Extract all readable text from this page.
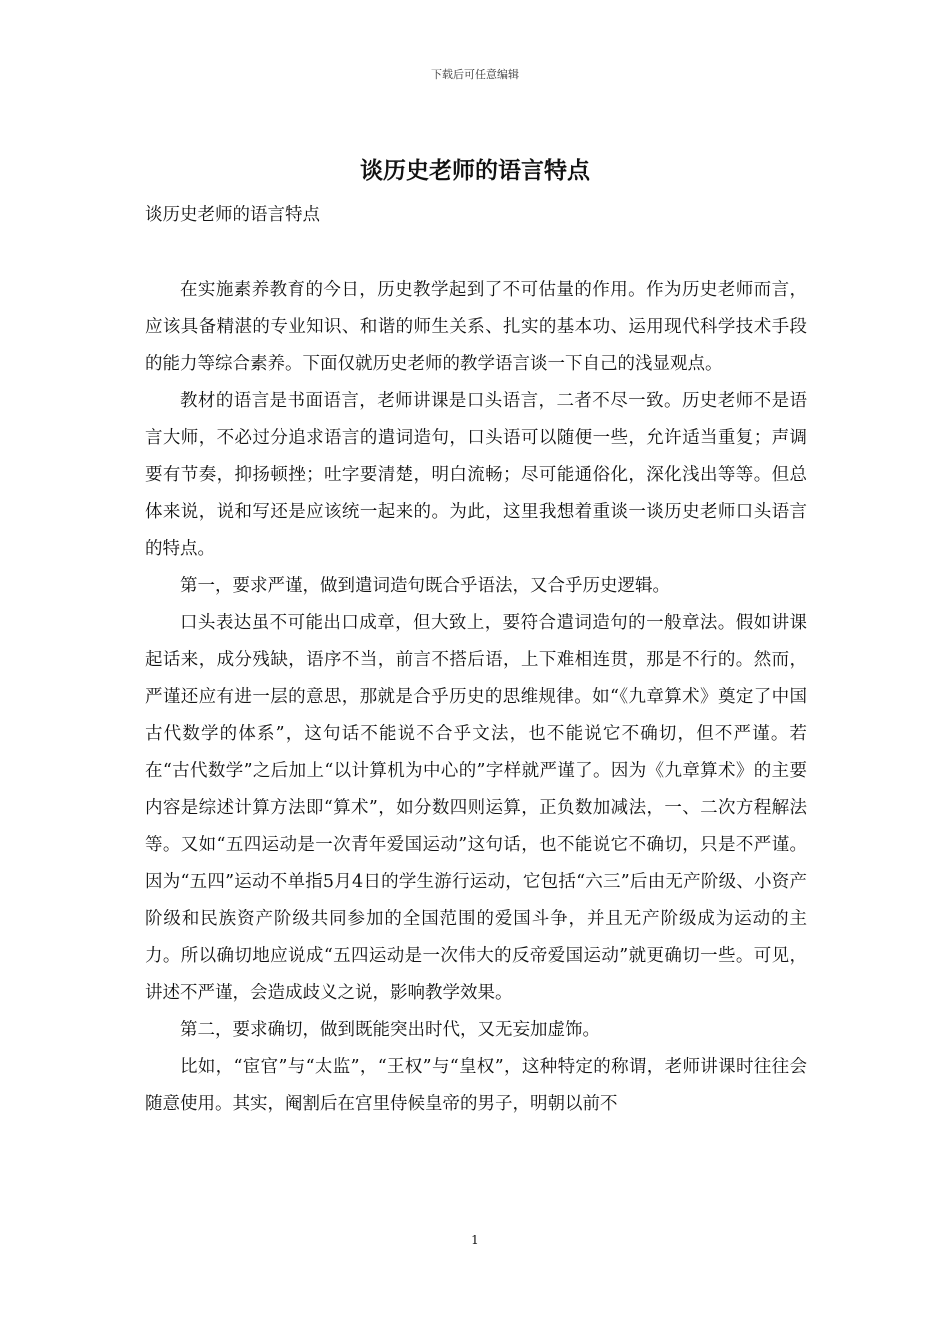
下载后可任意编辑
谈历史老师的语言特点

谈历史老师的语言特点

在实施素养教育的今日，历史教学起到了不可估量的作用。作为历史老师而言，应该具备精湛的专业知识、和谐的师生关系、扎实的基本功、运用现代科学技术手段的能力等综合素养。下面仅就历史老师的教学语言谈一下自己的浅显观点。

教材的语言是书面语言，老师讲课是口头语言，二者不尽一致。历史老师不是语言大师，不必过分追求语言的遣词造句，口头语可以随便一些，允许适当重复；声调要有节奏，抑扬顿挫；吐字要清楚，明白流畅；尽可能通俗化，深化浅出等等。但总体来说，说和写还是应该统一起来的。为此，这里我想着重谈一谈历史老师口头语言的特点。

第一，要求严谨，做到遣词造句既合乎语法，又合乎历史逻辑。

口头表达虽不可能出口成章，但大致上，要符合遣词造句的一般章法。假如讲课起话来，成分残缺，语序不当，前言不搭后语，上下难相连贯，那是不行的。然而，严谨还应有进一层的意思，那就是合乎历史的思维规律。如“《九章算术》奠定了中国古代数学的体系”，这句话不能说不合乎文法，也不能说它不确切，但不严谨。若在“古代数学”之后加上“以计算机为中心的”字样就严谨了。因为《九章算术》的主要内容是综述计算方法即“算术”，如分数四则运算，正负数加减法，一、二次方程解法等。又如“五四运动是一次青年爱国运动”这句话，也不能说它不确切，只是不严谨。因为“五四”运动不单指5月4日的学生游行运动，它包括“六三”后由无产阶级、小资产阶级和民族资产阶级共同参加的全国范围的爱国斗争，并且无产阶级成为运动的主力。所以确切地应说成“五四运动是一次伟大的反帝爱国运动”就更确切一些。可见，讲述不严谨，会造成歧义之说，影响教学效果。

第二，要求确切，做到既能突出时代，又无妄加虚饰。

比如，“宦官”与“太监”，“王权”与“皇权”，这种特定的称谓，老师讲课时往往会随意使用。其实，阉割后在宫里侍候皇帝的男子，明朝以前不

1
